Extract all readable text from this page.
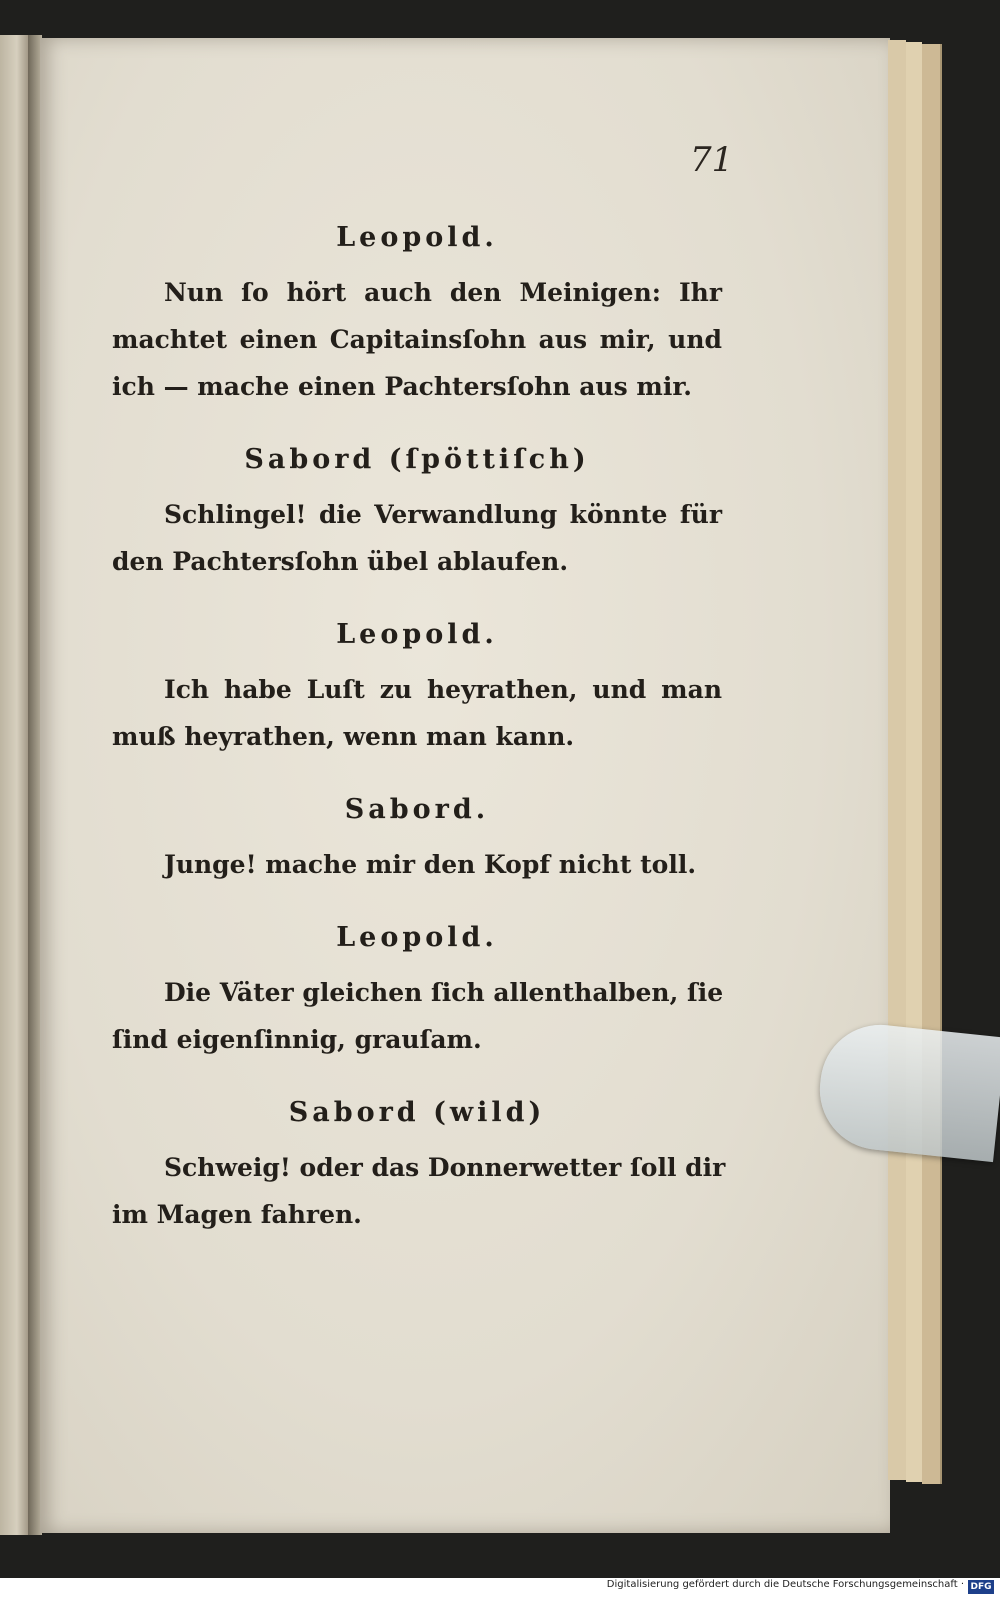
71
Leopold.
Nun ſo hört auch den Meinigen: Ihr
machtet einen Capitainsſohn aus mir, und
ich — mache einen Pachtersſohn aus mir.
Sabord (ſpöttiſch)
Schlingel! die Verwandlung könnte für
den Pachtersſohn übel ablaufen.
Leopold.
Ich habe Luſt zu heyrathen, und man
muß heyrathen, wenn man kann.
Sabord.
Junge! mache mir den Kopf nicht toll.
Leopold.
Die Väter gleichen ſich allenthalben, ſie
ſind eigenſinnig, grauſam.
Sabord (wild)
Schweig! oder das Donnerwetter ſoll dir
im Magen fahren.
Digitalisierung gefördert durch die Deutsche Forschungsgemeinschaft · DFG
